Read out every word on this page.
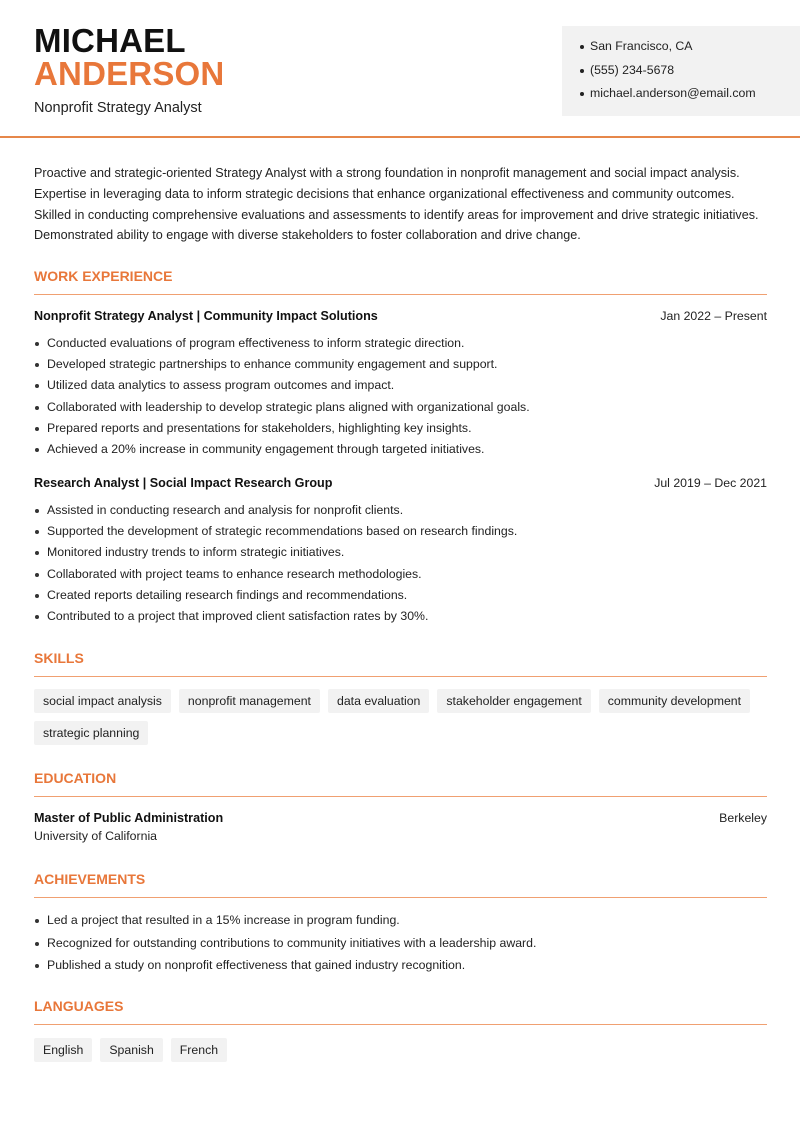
MICHAEL
ANDERSON
Nonprofit Strategy Analyst
San Francisco, CA
(555) 234-5678
michael.anderson@email.com

Proactive and strategic-oriented Strategy Analyst with a strong foundation in nonprofit management and social impact analysis. Expertise in leveraging data to inform strategic decisions that enhance organizational effectiveness and community outcomes. Skilled in conducting comprehensive evaluations and assessments to identify areas for improvement and drive strategic initiatives. Demonstrated ability to engage with diverse stakeholders to foster collaboration and drive change.

WORK EXPERIENCE
Nonprofit Strategy Analyst | Community Impact Solutions	Jan 2022 – Present
Conducted evaluations of program effectiveness to inform strategic direction.
Developed strategic partnerships to enhance community engagement and support.
Utilized data analytics to assess program outcomes and impact.
Collaborated with leadership to develop strategic plans aligned with organizational goals.
Prepared reports and presentations for stakeholders, highlighting key insights.
Achieved a 20% increase in community engagement through targeted initiatives.
Research Analyst | Social Impact Research Group	Jul 2019 – Dec 2021
Assisted in conducting research and analysis for nonprofit clients.
Supported the development of strategic recommendations based on research findings.
Monitored industry trends to inform strategic initiatives.
Collaborated with project teams to enhance research methodologies.
Created reports detailing research findings and recommendations.
Contributed to a project that improved client satisfaction rates by 30%.
SKILLS
social impact analysis	nonprofit management	data evaluation	stakeholder engagement	community development
strategic planning
EDUCATION
Master of Public Administration	Berkeley
University of California
ACHIEVEMENTS
Led a project that resulted in a 15% increase in program funding.
Recognized for outstanding contributions to community initiatives with a leadership award.
Published a study on nonprofit effectiveness that gained industry recognition.
LANGUAGES
English	Spanish	French
